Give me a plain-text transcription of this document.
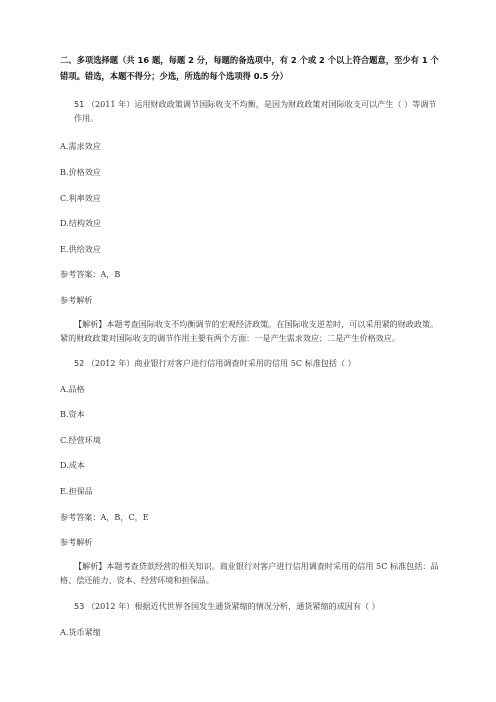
二、多项选择题（共 16 题，每题 2 分，每题的备选项中，有 2 个或 2 个以上符合题意，至少有 1 个错项。错选，本题不得分；少选，所选的每个选项得 0.5 分）
51 （2011 年）运用财政政策调节国际收支不均衡，是因为财政政策对国际收支可以产生（ ）等调节作用。
A.需求效应
B.价格效应
C.利率效应
D.结构效应
E.供给效应
参考答案：A，B
参考解析
【解析】本题考查国际收支不均衡调节的宏观经济政策。在国际收支逆差时，可以采用紧的财政政策。紧的财政政策对国际收支的调节作用主要有两个方面：一是产生需求效应；二是产生价格效应。
52 （2012 年）商业银行对客户进行信用调查时采用的信用 5C 标准包括（ ）
A.品格
B.资本
C.经营环境
D.成本
E.担保品
参考答案：A，B，C，E
参考解析
【解析】本题考查贷款经营的相关知识。商业银行对客户进行信用调查时采用的信用 5C 标准包括：品格、偿还能力、资本、经营环境和担保品。
53 （2012 年）根据近代世界各国发生通货紧缩的情况分析，通货紧缩的成因有（ ）
A.货币紧缩
